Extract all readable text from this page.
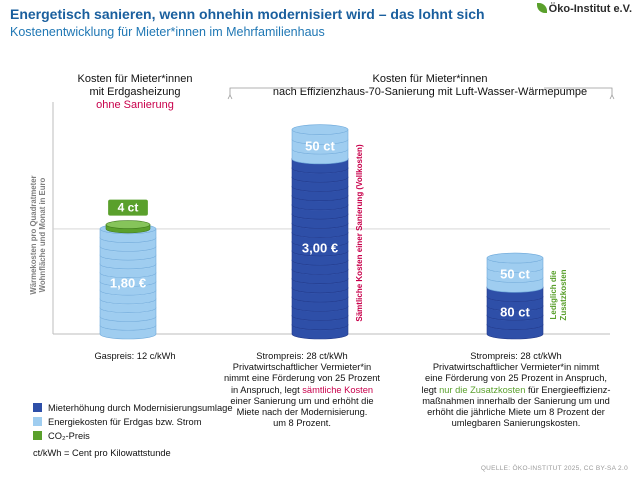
Energetisch sanieren, wenn ohnehin modernisiert wird – das lohnt sich
Kostenentwicklung für Mieter*innen im Mehrfamilienhaus
Öko-Institut e.V.
Kosten für Mieter*innen
mit Erdgasheizung
ohne Sanierung
Kosten für Mieter*innen
nach Effizienzhaus-70-Sanierung mit Luft-Wasser-Wärmepumpe
Wärmekosten pro Quadratmeter Wohnfläche und Monat in Euro	1,80 €
4 ct
3,00 €
50 ct
80 ct
50 ct
Sämtliche Kosten einer Sanierung (Vollkosten)	Lediglich die Zusatzkosten
Gaspreis: 12 c/kWh	Strompreis: 28 ct/kWh
Privatwirtschaftlicher Vermieter*in
nimmt eine Förderung von 25 Prozent
in Anspruch, legt sämtliche Kosten
einer Sanierung um und erhöht die
Miete nach der Modernisierung.
um 8 Prozent.
Strompreis: 28 ct/kWh
Privatwirtschaftlicher Vermieter*in nimmt
eine Förderung von 25 Prozent in Anspruch,
legt nur die Zusatzkosten für Energieeffizienz-
maßnahmen innerhalb der Sanierung um und
erhöht die jährliche Miete um 8 Prozent der
umlegbaren Sanierungskosten.
Mieterhöhung durch Modernisierungsumlage
Energiekosten für Erdgas bzw. Strom
CO₂-Preis
ct/kWh = Cent pro Kilowattstunde
QUELLE: ÖKO-INSTITUT 2025, CC BY-SA 2.0
